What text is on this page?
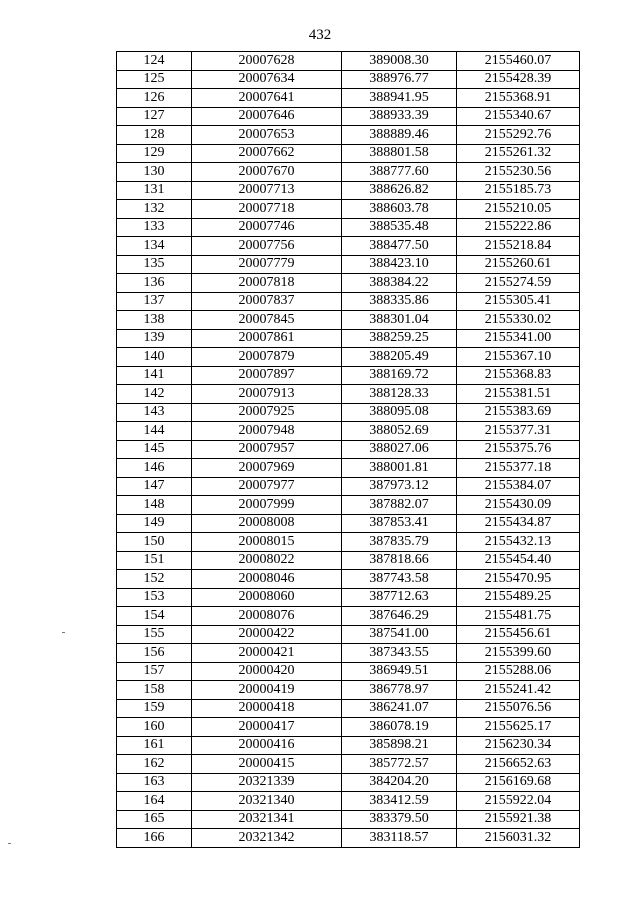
432
124	20007628	389008.30	2155460.07
125	20007634	388976.77	2155428.39
126	20007641	388941.95	2155368.91
127	20007646	388933.39	2155340.67
128	20007653	388889.46	2155292.76
129	20007662	388801.58	2155261.32
130	20007670	388777.60	2155230.56
131	20007713	388626.82	2155185.73
132	20007718	388603.78	2155210.05
133	20007746	388535.48	2155222.86
134	20007756	388477.50	2155218.84
135	20007779	388423.10	2155260.61
136	20007818	388384.22	2155274.59
137	20007837	388335.86	2155305.41
138	20007845	388301.04	2155330.02
139	20007861	388259.25	2155341.00
140	20007879	388205.49	2155367.10
141	20007897	388169.72	2155368.83
142	20007913	388128.33	2155381.51
143	20007925	388095.08	2155383.69
144	20007948	388052.69	2155377.31
145	20007957	388027.06	2155375.76
146	20007969	388001.81	2155377.18
147	20007977	387973.12	2155384.07
148	20007999	387882.07	2155430.09
149	20008008	387853.41	2155434.87
150	20008015	387835.79	2155432.13
151	20008022	387818.66	2155454.40
152	20008046	387743.58	2155470.95
153	20008060	387712.63	2155489.25
154	20008076	387646.29	2155481.75
155	20000422	387541.00	2155456.61
156	20000421	387343.55	2155399.60
157	20000420	386949.51	2155288.06
158	20000419	386778.97	2155241.42
159	20000418	386241.07	2155076.56
160	20000417	386078.19	2155625.17
161	20000416	385898.21	2156230.34
162	20000415	385772.57	2156652.63
163	20321339	384204.20	2156169.68
164	20321340	383412.59	2155922.04
165	20321341	383379.50	2155921.38
166	20321342	383118.57	2156031.32
